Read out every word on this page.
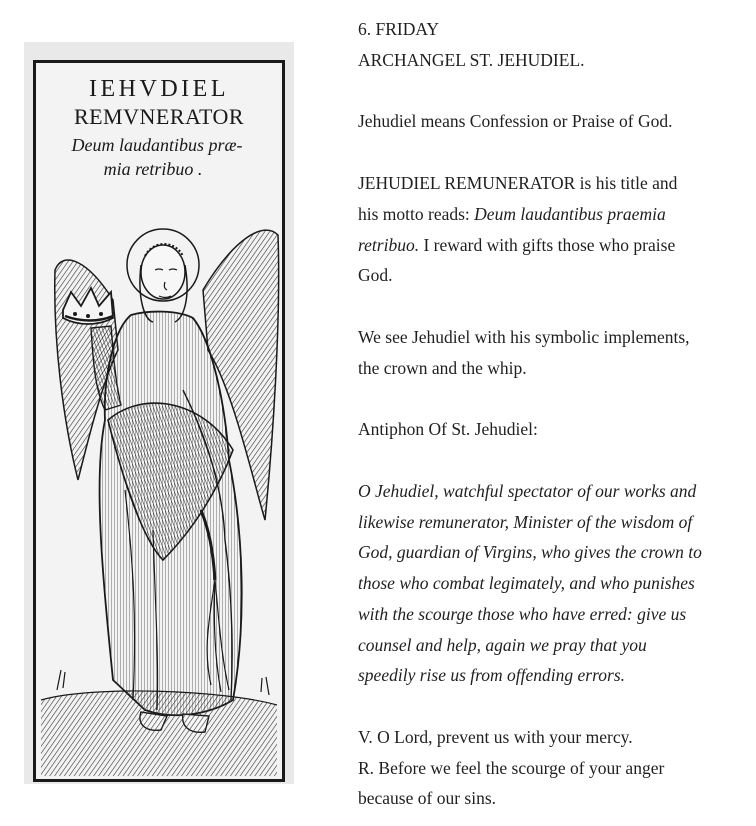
IEHVDIEL
REMVNERATOR
Deum laudantibus præ-
mia retribuo .

6. FRIDAY
ARCHANGEL ST. JEHUDIEL.

Jehudiel means Confession or Praise of God.

JEHUDIEL REMUNERATOR is his title and
his motto reads: Deum laudantibus praemia
retribuo. I reward with gifts those who praise
God.

We see Jehudiel with his symbolic implements,
the crown and the whip.

Antiphon Of St. Jehudiel:

O Jehudiel, watchful spectator of our works and
likewise remunerator, Minister of the wisdom of
God, guardian of Virgins, who gives the crown to
those who combat legimately, and who punishes
with the scourge those who have erred: give us
counsel and help, again we pray that you
speedily rise us from offending errors.

V. O Lord, prevent us with your mercy.
R. Before we feel the scourge of your anger
because of our sins.
